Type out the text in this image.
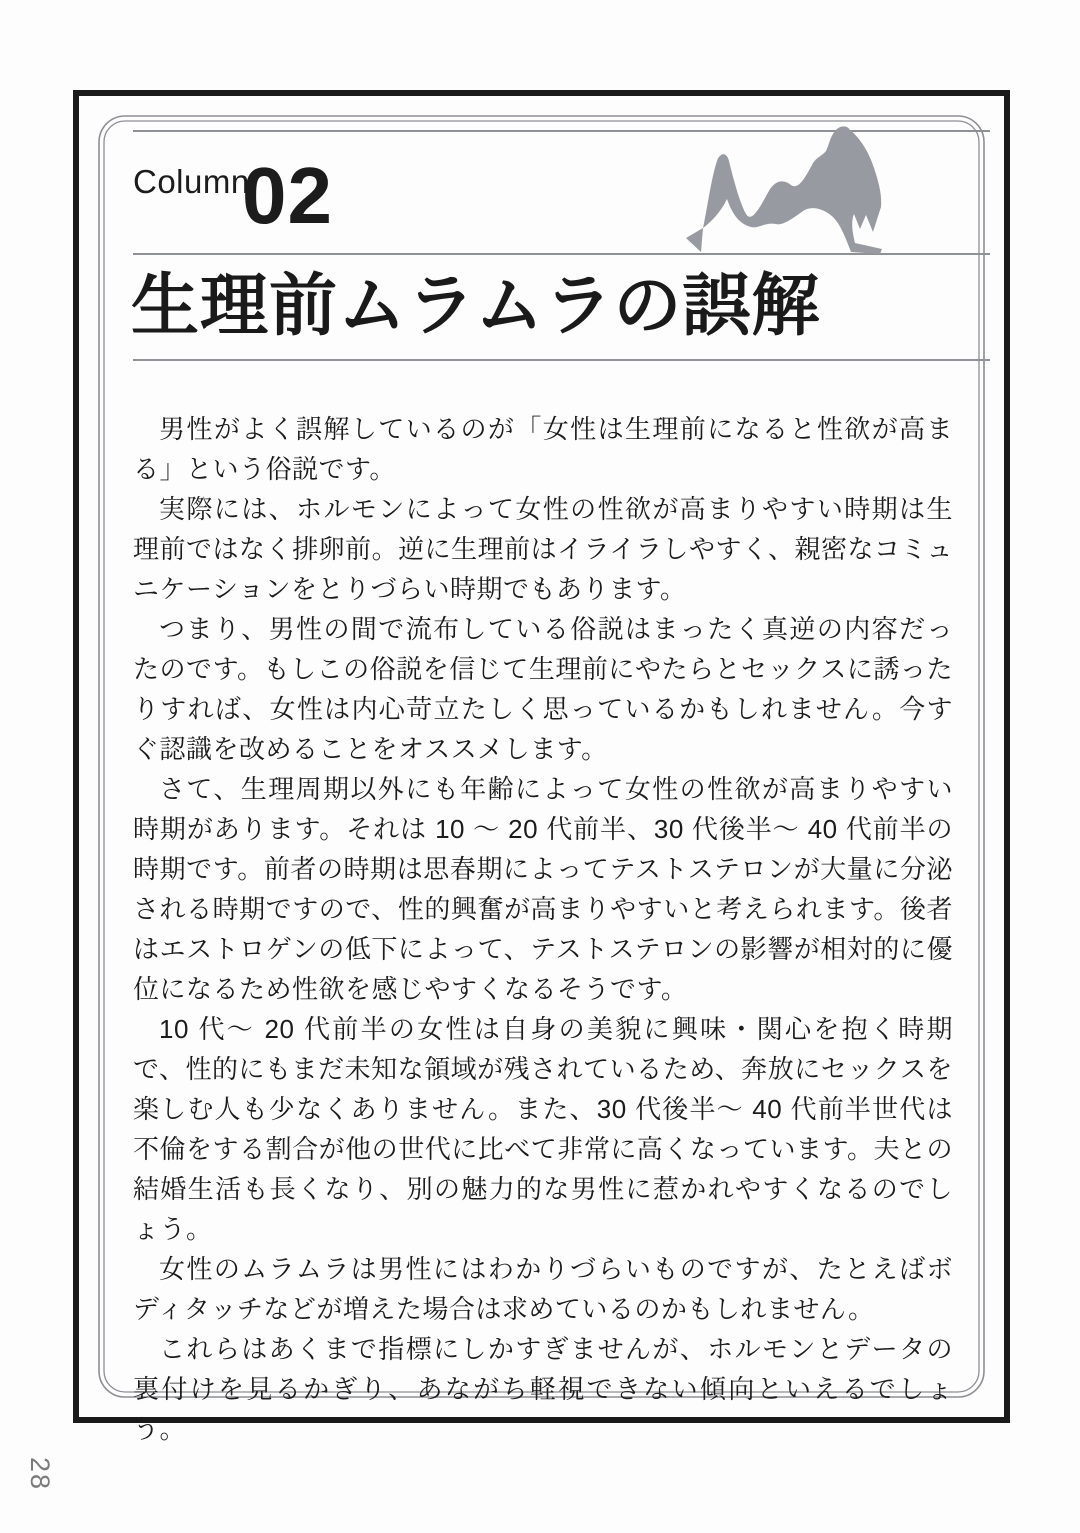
Column
02
生理前ムラムラの誤解

男性がよく誤解しているのが「女性は生理前になると性欲が高まる」という俗説です。

実際には、ホルモンによって女性の性欲が高まりやすい時期は生理前ではなく排卵前。逆に生理前はイライラしやすく、親密なコミュニケーションをとりづらい時期でもあります。

つまり、男性の間で流布している俗説はまったく真逆の内容だったのです。もしこの俗説を信じて生理前にやたらとセックスに誘ったりすれば、女性は内心苛立たしく思っているかもしれません。今すぐ認識を改めることをオススメします。

さて、生理周期以外にも年齢によって女性の性欲が高まりやすい時期があります。それは 10 ～ 20 代前半、30 代後半～ 40 代前半の時期です。前者の時期は思春期によってテストステロンが大量に分泌される時期ですので、性的興奮が高まりやすいと考えられます。後者はエストロゲンの低下によって、テストステロンの影響が相対的に優位になるため性欲を感じやすくなるそうです。

10 代～ 20 代前半の女性は自身の美貌に興味・関心を抱く時期で、性的にもまだ未知な領域が残されているため、奔放にセックスを楽しむ人も少なくありません。また、30 代後半～ 40 代前半世代は不倫をする割合が他の世代に比べて非常に高くなっています。夫との結婚生活も長くなり、別の魅力的な男性に惹かれやすくなるのでしょう。

女性のムラムラは男性にはわかりづらいものですが、たとえばボディタッチなどが増えた場合は求めているのかもしれません。

これらはあくまで指標にしかすぎませんが、ホルモンとデータの裏付けを見るかぎり、あながち軽視できない傾向といえるでしょう。

28
